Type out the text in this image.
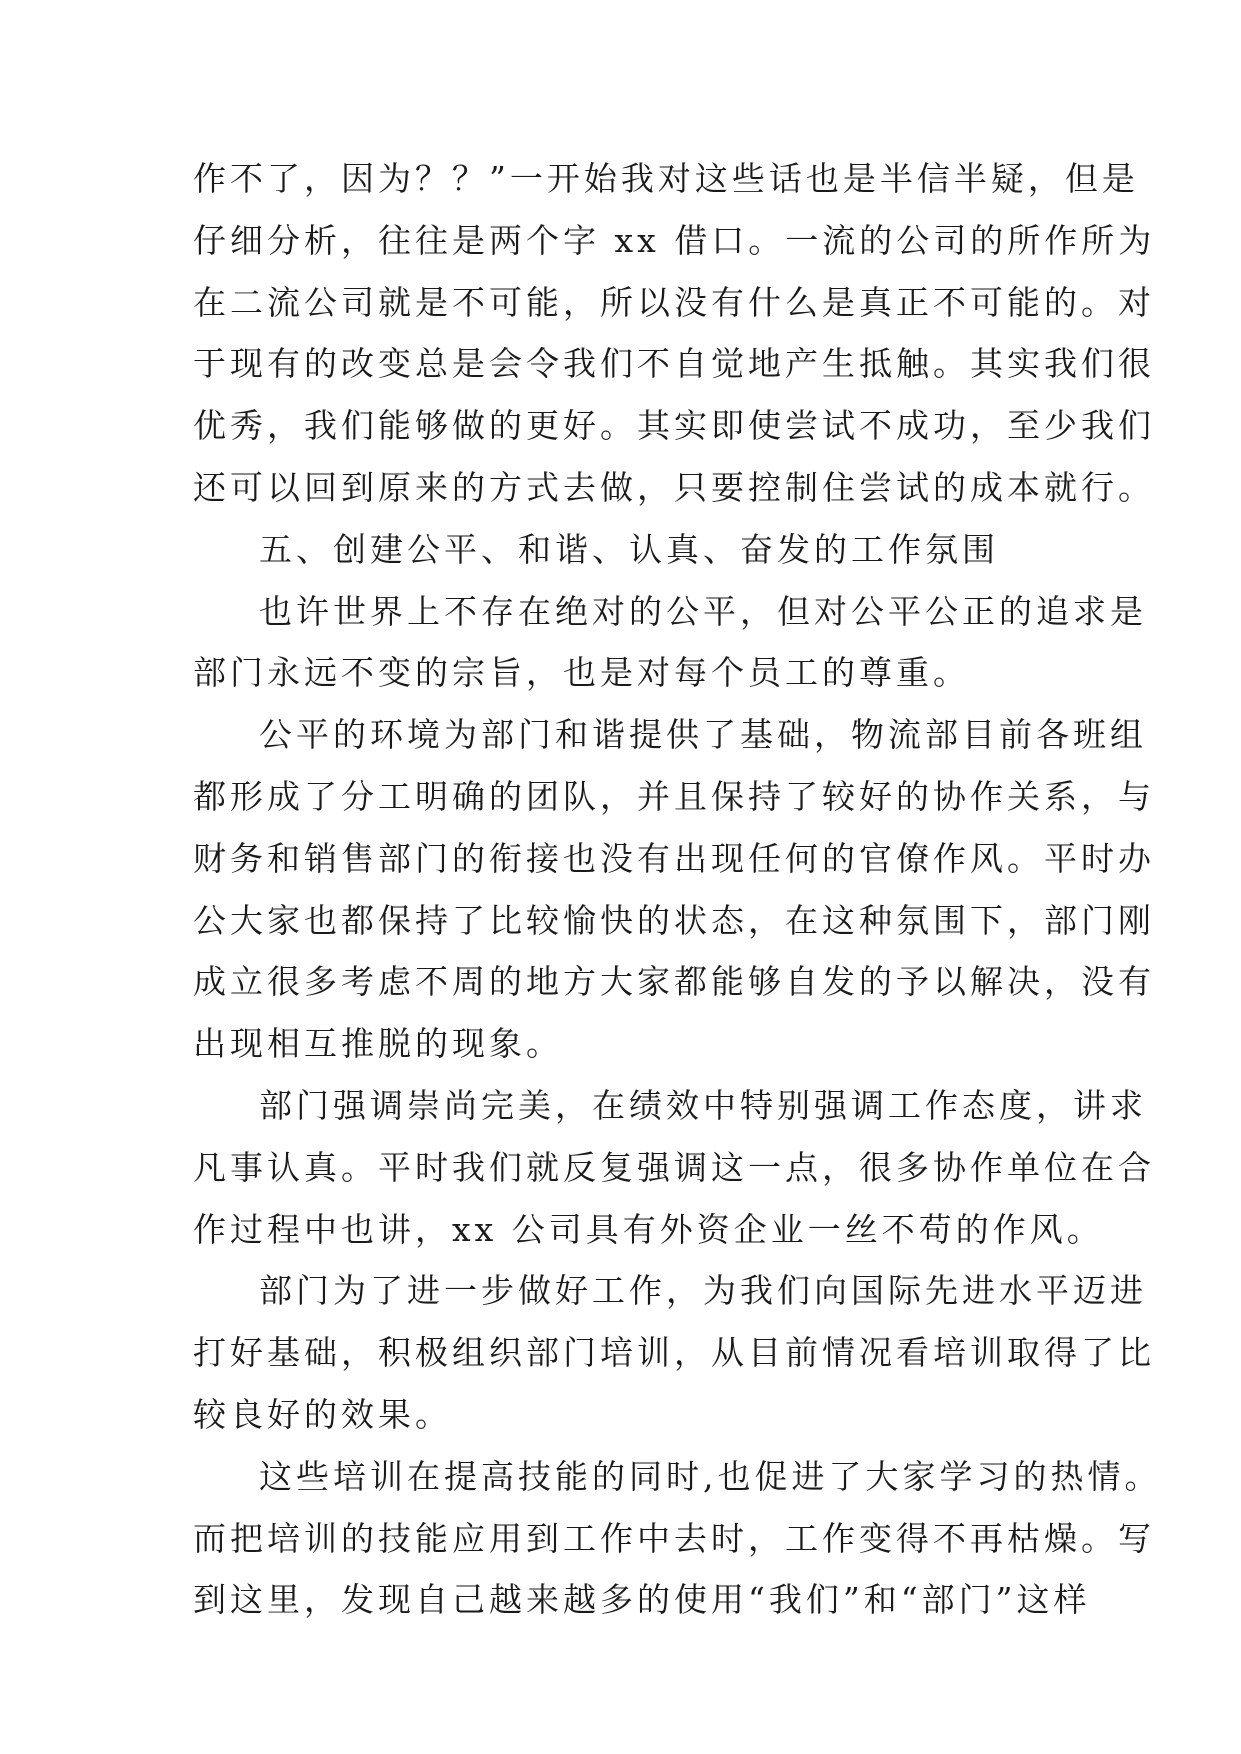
作不了，因为？？”一开始我对这些话也是半信半疑，但是
仔细分析，往往是两个字 xx 借口。一流的公司的所作所为
在二流公司就是不可能，所以没有什么是真正不可能的。对
于现有的改变总是会令我们不自觉地产生抵触。其实我们很
优秀，我们能够做的更好。其实即使尝试不成功，至少我们
还可以回到原来的方式去做，只要控制住尝试的成本就行。
五、创建公平、和谐、认真、奋发的工作氛围
也许世界上不存在绝对的公平，但对公平公正的追求是
部门永远不变的宗旨，也是对每个员工的尊重。
公平的环境为部门和谐提供了基础，物流部目前各班组
都形成了分工明确的团队，并且保持了较好的协作关系，与
财务和销售部门的衔接也没有出现任何的官僚作风。平时办
公大家也都保持了比较愉快的状态，在这种氛围下，部门刚
成立很多考虑不周的地方大家都能够自发的予以解决，没有
出现相互推脱的现象。
部门强调崇尚完美，在绩效中特别强调工作态度，讲求
凡事认真。平时我们就反复强调这一点，很多协作单位在合
作过程中也讲，xx 公司具有外资企业一丝不苟的作风。
部门为了进一步做好工作，为我们向国际先进水平迈进
打好基础，积极组织部门培训，从目前情况看培训取得了比
较良好的效果。
这些培训在提高技能的同时,也促进了大家学习的热情。
而把培训的技能应用到工作中去时，工作变得不再枯燥。写
到这里，发现自己越来越多的使用“我们”和“部门”这样
